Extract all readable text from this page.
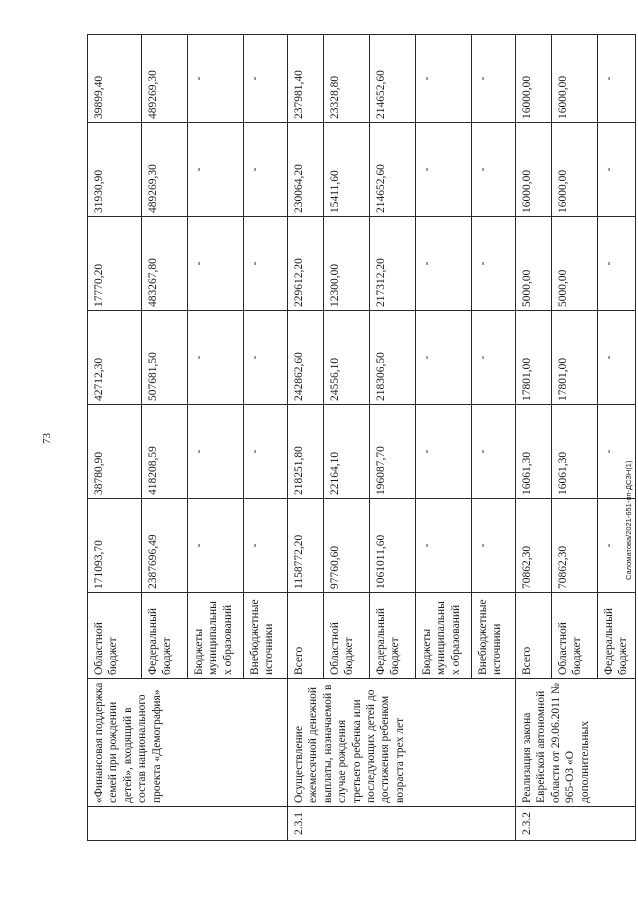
73

Саломатова/2021-651-пп-ДСЗН(1)

	«Финансовая поддержка семей при рождении детей», входящий в состав национального проекта «Демография»	Областной бюджет	171093,70	38780,90	42712,30	17770,20	31930,90	39899,40
		Федеральный бюджет	2387696,49	418208,59	507681,50	483267,80	489269,30	489269,30
		Бюджеты муниципальных образований	-	-	-	-	-	-
		Внебюджетные источники	-	-	-	-	-	-
2.3.1	Осуществление ежемесячной денежной выплаты, назначаемой в случае рождения третьего ребенка или последующих детей до достижения ребенком возраста трех лет	Всего	1158772,20	218251,80	242862,60	229612,20	230064,20	237981,40
		Областной бюджет	97760,60	22164,10	24556,10	12300,00	15411,60	23328,80
		Федеральный бюджет	1061011,60	196087,70	218306,50	217312,20	214652,60	214652,60
		Бюджеты муниципальных образований	-	-	-	-	-	-
		Внебюджетные источники	-	-	-	-	-	-
2.3.2	Реализация закона Еврейской автономной области от 29.06.2011 № 965-ОЗ «О дополнительных	Всего	70862,30	16061,30	17801,00	5000,00	16000,00	16000,00
		Областной бюджет	70862,30	16061,30	17801,00	5000,00	16000,00	16000,00
		Федеральный бюджет	-	-	-	-	-	-
